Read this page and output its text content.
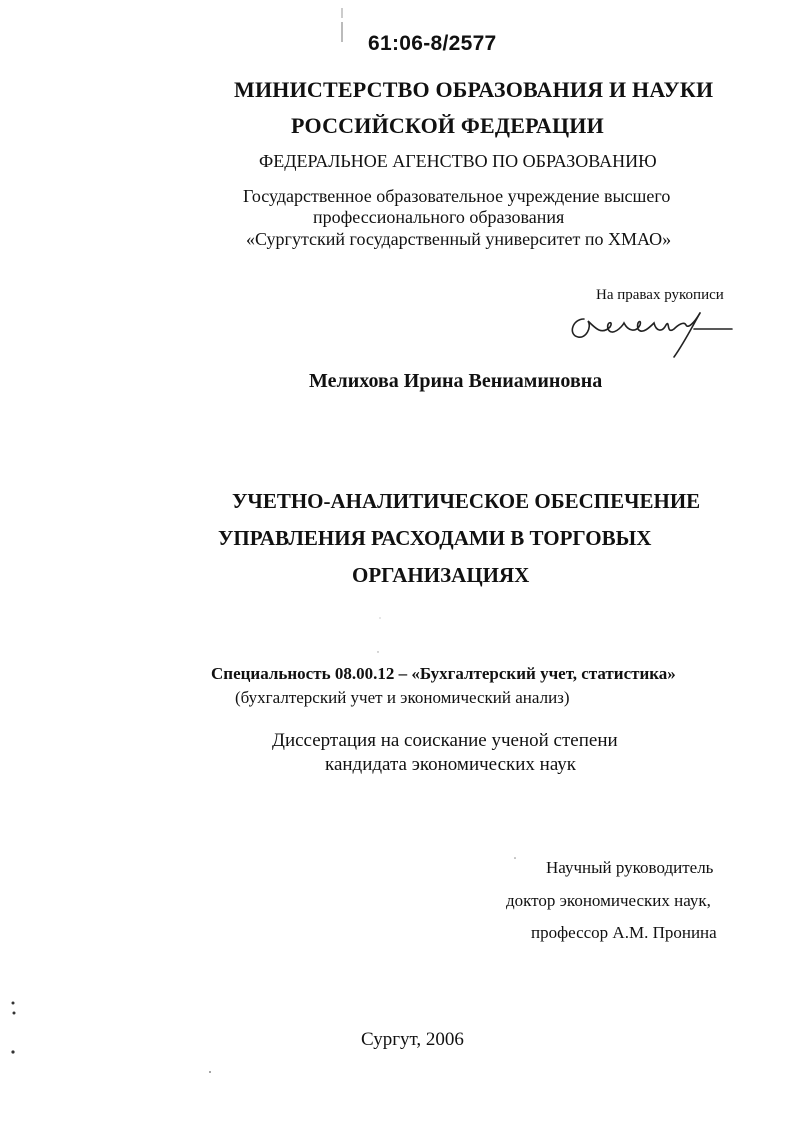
61:06-8/2577
МИНИСТЕРСТВО ОБРАЗОВАНИЯ И НАУКИ
РОССИЙСКОЙ ФЕДЕРАЦИИ
ФЕДЕРАЛЬНОЕ АГЕНСТВО ПО ОБРАЗОВАНИЮ
Государственное образовательное учреждение высшего
профессионального образования
«Сургутский государственный университет по ХМАО»
На правах рукописи
Мелихова Ирина Вениаминовна
УЧЕТНО-АНАЛИТИЧЕСКОЕ ОБЕСПЕЧЕНИЕ
УПРАВЛЕНИЯ РАСХОДАМИ В ТОРГОВЫХ
ОРГАНИЗАЦИЯХ
Специальность 08.00.12 – «Бухгалтерский учет, статистика»
(бухгалтерский учет и экономический анализ)
Диссертация на соискание ученой степени
кандидата экономических наук
Научный руководитель
доктор экономических наук,
профессор А.М. Пронина
Сургут, 2006
